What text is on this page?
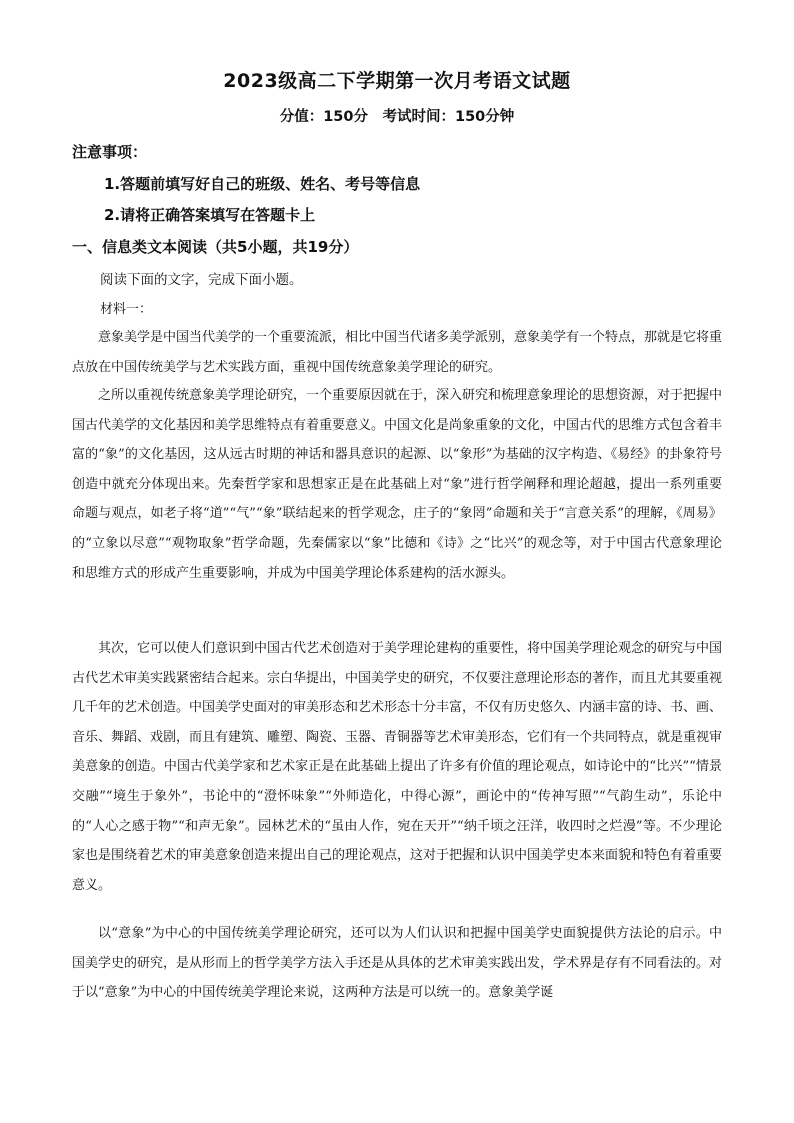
2023级高二下学期第一次月考语文试题
分值：150分　考试时间：150分钟
注意事项：
1.答题前填写好自己的班级、姓名、考号等信息
2.请将正确答案填写在答题卡上
一、信息类文本阅读（共5小题，共19分）
阅读下面的文字，完成下面小题。
材料一：

意象美学是中国当代美学的一个重要流派，相比中国当代诸多美学派别，意象美学有一个特点，那就是它将重点放在中国传统美学与艺术实践方面，重视中国传统意象美学理论的研究。

之所以重视传统意象美学理论研究，一个重要原因就在于，深入研究和梳理意象理论的思想资源，对于把握中国古代美学的文化基因和美学思维特点有着重要意义。中国文化是尚象重象的文化，中国古代的思维方式包含着丰富的“象”的文化基因，这从远古时期的神话和器具意识的起源、以“象形”为基础的汉字构造、《易经》的卦象符号创造中就充分体现出来。先秦哲学家和思想家正是在此基础上对“象”进行哲学阐释和理论超越，提出一系列重要命题与观点，如老子将“道”“气”“象”联结起来的哲学观念，庄子的“象罔”命题和关于“言意关系”的理解，《周易》的“立象以尽意”“观物取象”哲学命题，先秦儒家以“象”比德和《诗》之“比兴”的观念等，对于中国古代意象理论和思维方式的形成产生重要影响，并成为中国美学理论体系建构的活水源头。

其次，它可以使人们意识到中国古代艺术创造对于美学理论建构的重要性，将中国美学理论观念的研究与中国古代艺术审美实践紧密结合起来。宗白华提出，中国美学史的研究，不仅要注意理论形态的著作，而且尤其要重视几千年的艺术创造。中国美学史面对的审美形态和艺术形态十分丰富，不仅有历史悠久、内涵丰富的诗、书、画、音乐、舞蹈、戏剧，而且有建筑、雕塑、陶瓷、玉器、青铜器等艺术审美形态，它们有一个共同特点，就是重视审美意象的创造。中国古代美学家和艺术家正是在此基础上提出了许多有价值的理论观点，如诗论中的“比兴”“情景交融”“境生于象外”，书论中的“澄怀味象”“外师造化，中得心源”，画论中的“传神写照”“气韵生动”，乐论中的“人心之感于物”“和声无象”。园林艺术的“虽由人作，宛在天开”“纳千顷之汪洋，收四时之烂漫”等。不少理论家也是围绕着艺术的审美意象创造来提出自己的理论观点，这对于把握和认识中国美学史本来面貌和特色有着重要意义。

以“意象”为中心的中国传统美学理论研究，还可以为人们认识和把握中国美学史面貌提供方法论的启示。中国美学史的研究，是从形而上的哲学美学方法入手还是从具体的艺术审美实践出发，学术界是存有不同看法的。对于以“意象”为中心的中国传统美学理论来说，这两种方法是可以统一的。意象美学诞
